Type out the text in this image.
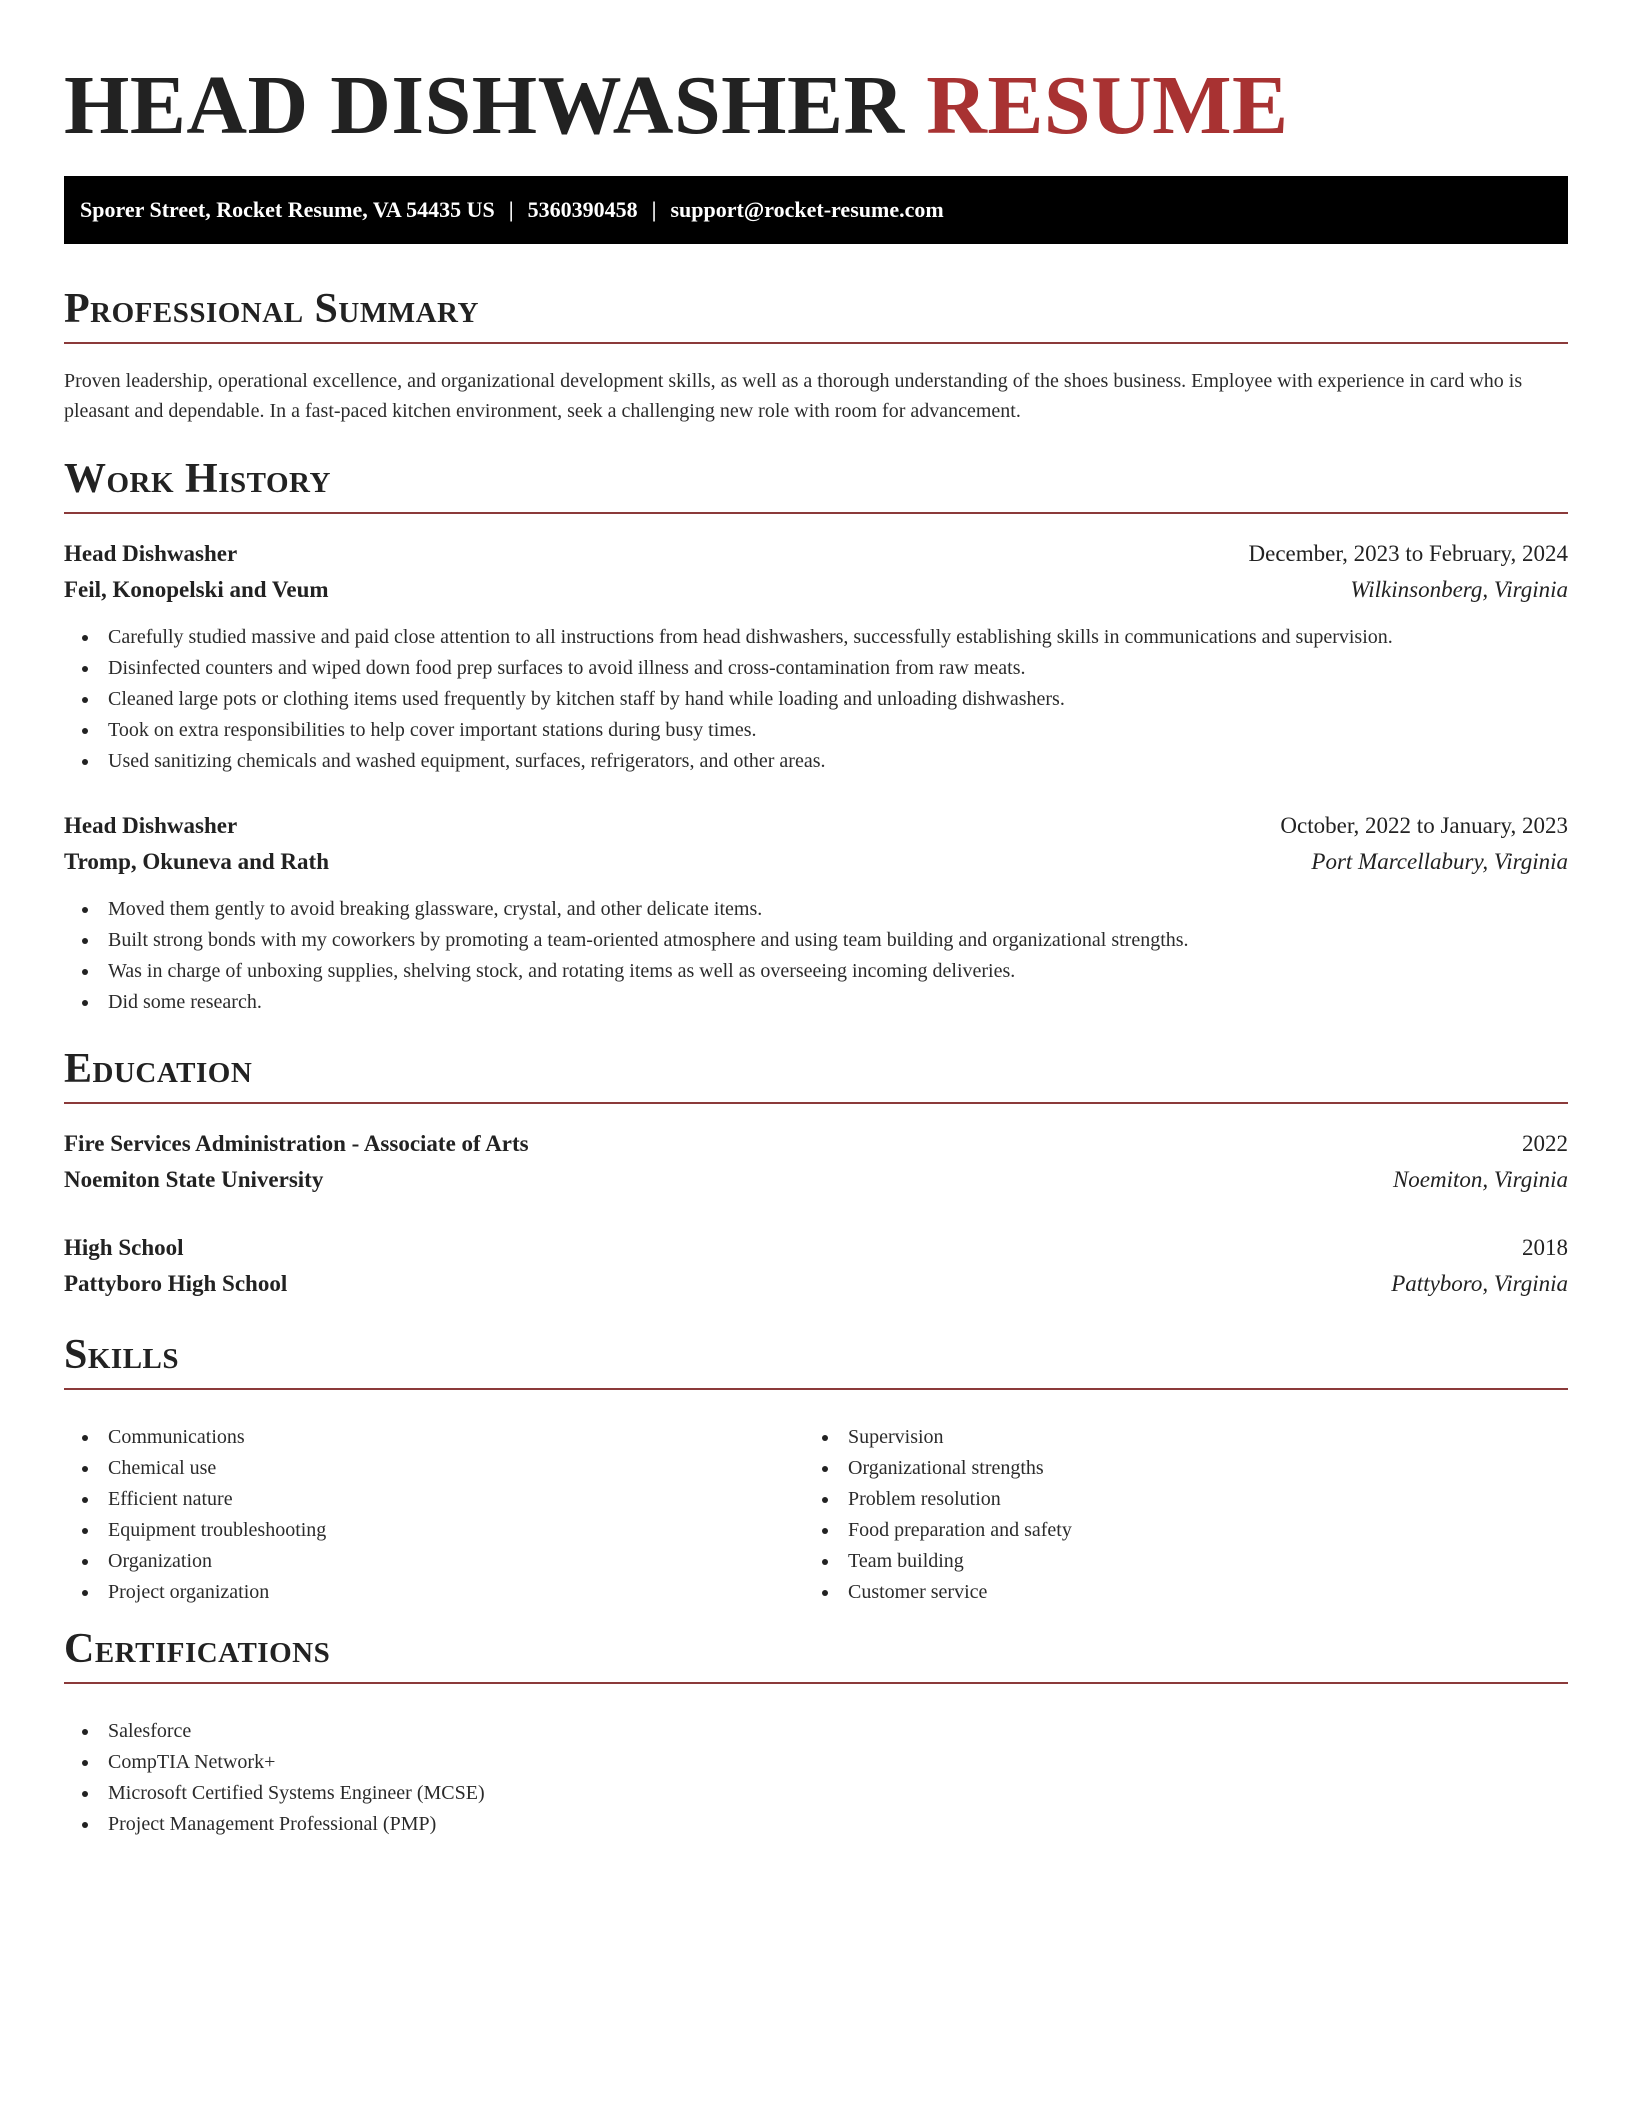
HEAD DISHWASHER RESUME
Sporer Street, Rocket Resume, VA 54435 US | 5360390458 | support@rocket-resume.com
Professional Summary

Proven leadership, operational excellence, and organizational development skills, as well as a thorough understanding of the shoes business. Employee with experience in card who is pleasant and dependable. In a fast-paced kitchen environment, seek a challenging new role with room for advancement.

Work History
Head Dishwasher	December, 2023 to February, 2024
Feil, Konopelski and Veum	Wilkinsonberg, Virginia
Carefully studied massive and paid close attention to all instructions from head dishwashers, successfully establishing skills in communications and supervision.
Disinfected counters and wiped down food prep surfaces to avoid illness and cross-contamination from raw meats.
Cleaned large pots or clothing items used frequently by kitchen staff by hand while loading and unloading dishwashers.
Took on extra responsibilities to help cover important stations during busy times.
Used sanitizing chemicals and washed equipment, surfaces, refrigerators, and other areas.
Head Dishwasher	October, 2022 to January, 2023
Tromp, Okuneva and Rath	Port Marcellabury, Virginia
Moved them gently to avoid breaking glassware, crystal, and other delicate items.
Built strong bonds with my coworkers by promoting a team-oriented atmosphere and using team building and organizational strengths.
Was in charge of unboxing supplies, shelving stock, and rotating items as well as overseeing incoming deliveries.
Did some research.
Education
Fire Services Administration - Associate of Arts	2022
Noemiton State University	Noemiton, Virginia
High School	2018
Pattyboro High School	Pattyboro, Virginia
Skills
Communications
Chemical use
Efficient nature
Equipment troubleshooting
Organization
Project organization
Supervision
Organizational strengths
Problem resolution
Food preparation and safety
Team building
Customer service
Certifications
Salesforce
CompTIA Network+
Microsoft Certified Systems Engineer (MCSE)
Project Management Professional (PMP)
